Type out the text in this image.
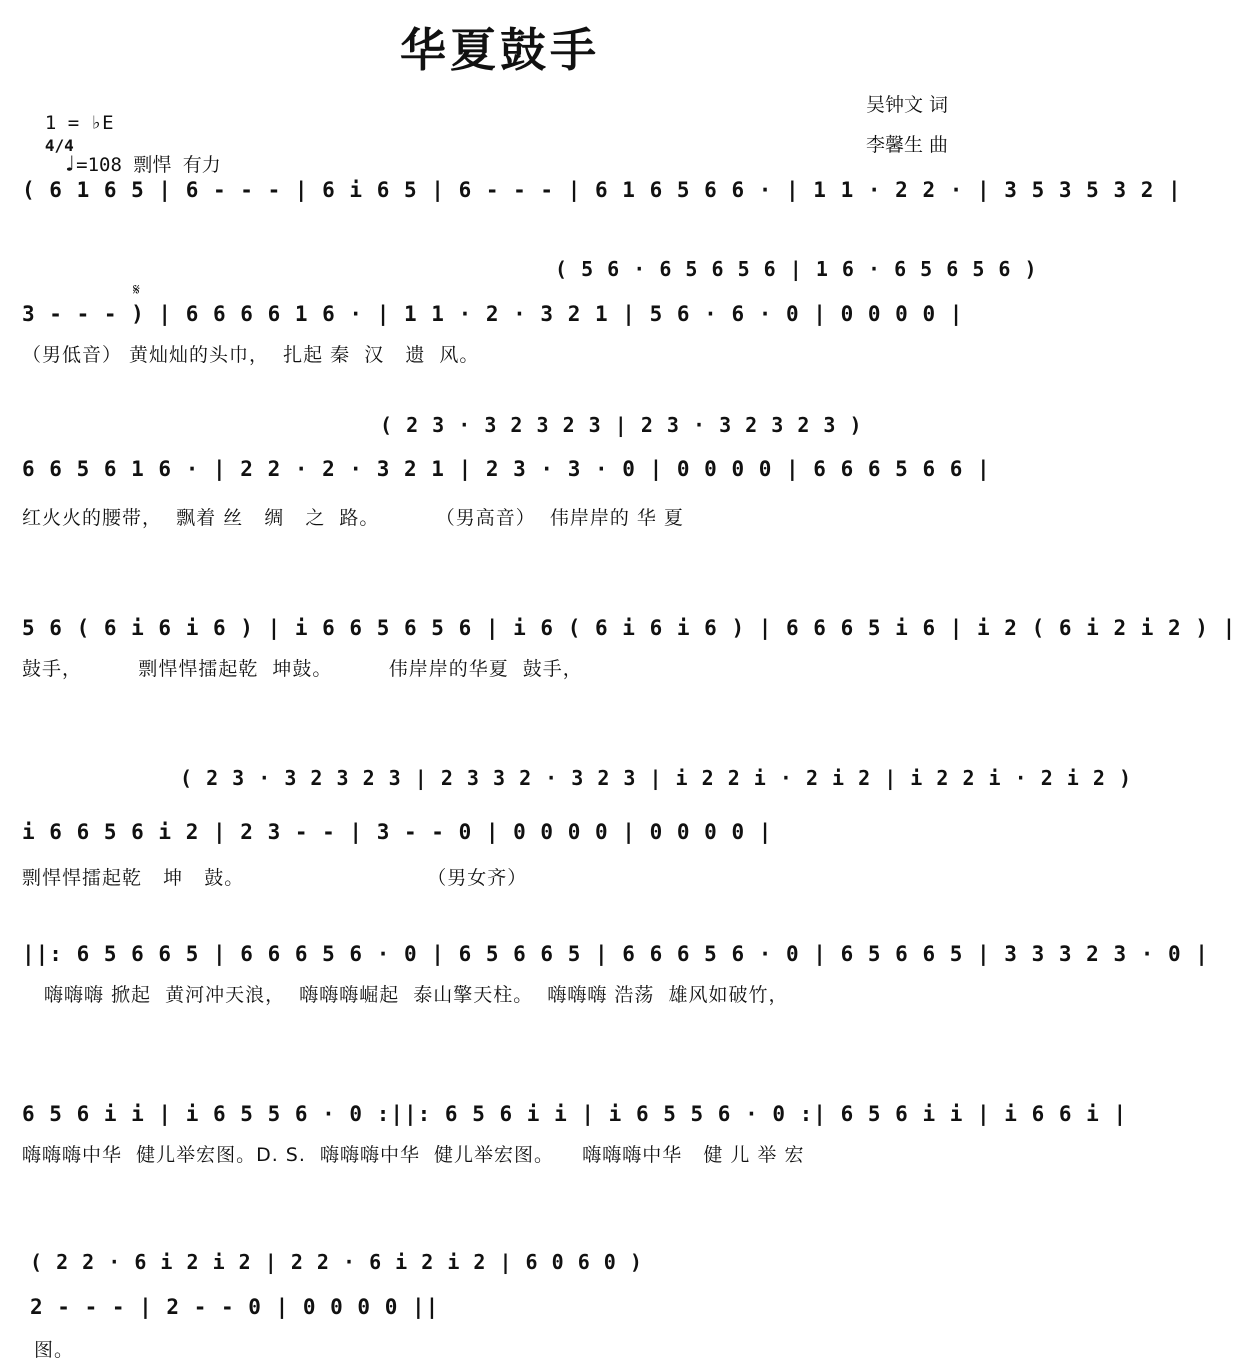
华夏鼓手

1 = ♭E
4/4

♩=108 剽悍 有力

吴钟文 词
李馨生 曲
( 6 1 6 5 | 6 - - - | 6 i 6 5 | 6 - - - | 6 1 6 5 6 6 · | 1 1 · 2 2 · | 3 5 3 5 3 2 |
( 5 6 · 6 5 6 5 6 | 1 6 · 6 5 6 5 6 )
3 - - - ) | 6 6 6 6 1 6 · | 1 1 · 2 · 3 2 1 | 5 6 · 6 · 0 | 0 0 0 0 |
𝄋
（男低音） 黄灿灿的头巾，  扎起 秦  汉   遗  风。
( 2 3 · 3 2 3 2 3 | 2 3 · 3 2 3 2 3 )
6 6 5 6 1 6 · | 2 2 · 2 · 3 2 1 | 2 3 · 3 · 0 | 0 0 0 0 | 6 6 6 5 6 6 |
红火火的腰带，  飘着 丝   绸   之  路。        （男高音）  伟岸岸的 华 夏
5 6 ( 6 i 6 i 6 ) | i 6 6 5 6 5 6 | i 6 ( 6 i 6 i 6 ) | 6 6 6 5 i 6 | i 2 ( 6 i 2 i 2 ) |
鼓手，        剽悍悍擂起乾  坤鼓。        伟岸岸的华夏  鼓手，
( 2 3 · 3 2 3 2 3 | 2 3 3 2 · 3 2 3 | i 2 2 i · 2 i 2 | i 2 2 i · 2 i 2 )
i 6 6 5 6 i 2 | 2 3 - - | 3 - - 0 | 0 0 0 0 | 0 0 0 0 |
剽悍悍擂起乾   坤   鼓。                          （男女齐）
||: 6 5 6 6 5 | 6 6 6 5 6 · 0 | 6 5 6 6 5 | 6 6 6 5 6 · 0 | 6 5 6 6 5 | 3 3 3 2 3 · 0 |
嗨嗨嗨 掀起  黄河冲天浪，  嗨嗨嗨崛起  泰山擎天柱。  嗨嗨嗨 浩荡  雄风如破竹，
6 5 6 i i | i 6 5 5 6 · 0 :||: 6 5 6 i i | i 6 5 5 6 · 0 :| 6 5 6 i i | i 6 6 i |
嗨嗨嗨中华  健儿举宏图。D. S.  嗨嗨嗨中华  健儿举宏图。    嗨嗨嗨中华   健 儿 举 宏
( 2 2 · 6 i 2 i 2 | 2 2 · 6 i 2 i 2 | 6 0 6 0 )
2 - - - | 2 - - 0 | 0 0 0 0 ||
图。
